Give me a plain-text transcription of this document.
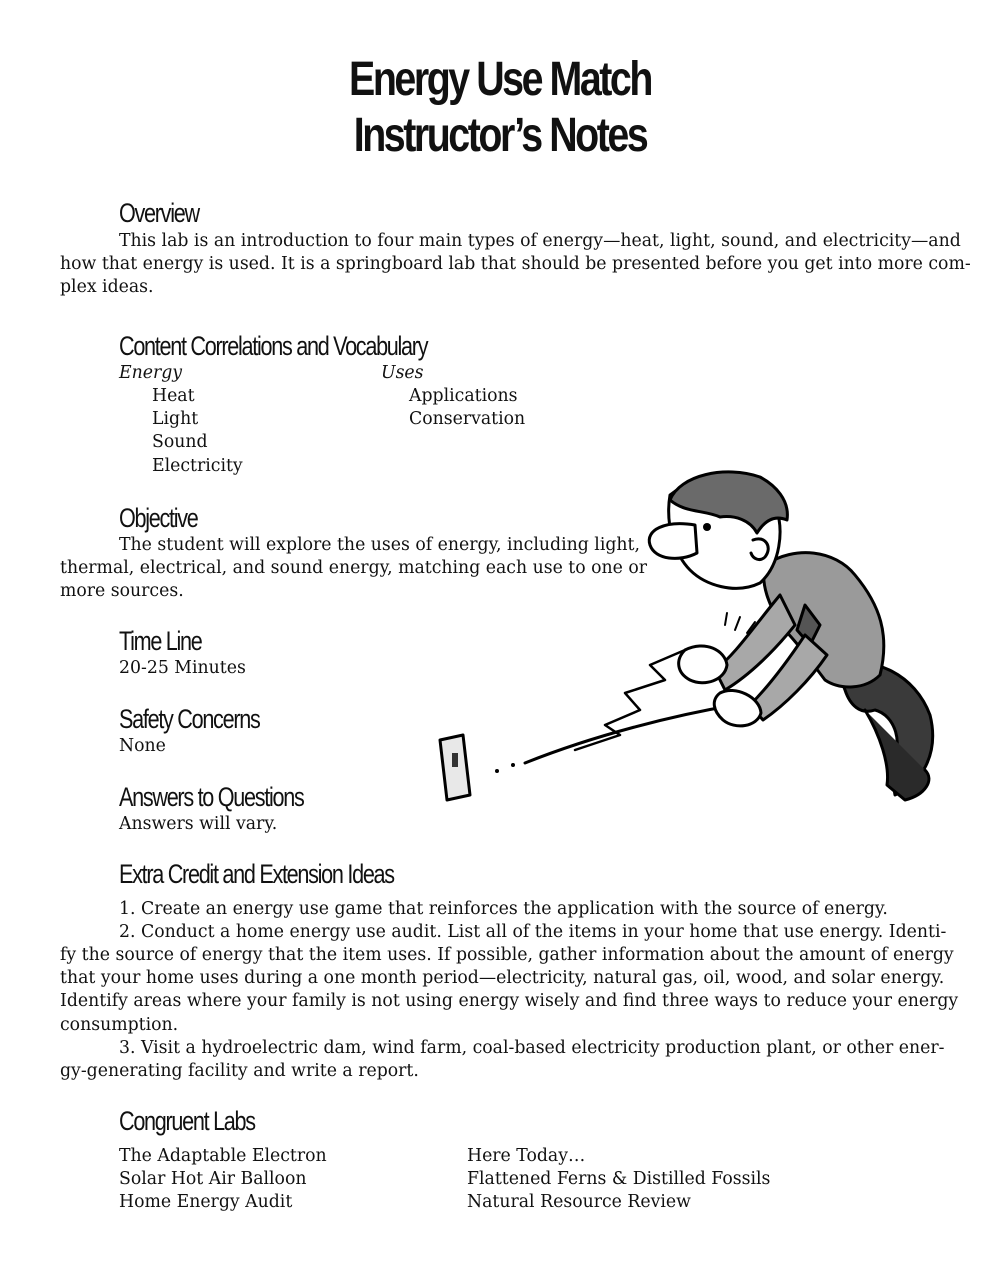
Energy Use Match
Instructor’s Notes
Overview

This lab is an introduction to four main types of energy—heat, light, sound, and electricity—and

how that energy is used. It is a springboard lab that should be presented before you get into more com-

plex ideas.

Content Correlations and Vocabulary

Energy

Heat

Light

Sound

Electricity

Uses

Applications

Conservation

Objective

The student will explore the uses of energy, including light,

thermal, electrical, and sound energy, matching each use to one or

more sources.

Time Line

20-25 Minutes

Safety Concerns

None

Answers to Questions

Answers will vary.

Extra Credit and Extension Ideas

1. Create an energy use game that reinforces the application with the source of energy.

2. Conduct a home energy use audit. List all of the items in your home that use energy. Identi-

fy the source of energy that the item uses. If possible, gather information about the amount of energy

that your home uses during a one month period—electricity, natural gas, oil, wood, and solar energy.

Identify areas where your family is not using energy wisely and find three ways to reduce your energy

consumption.

3. Visit a hydroelectric dam, wind farm, coal-based electricity production plant, or other ener-

gy-generating facility and write a report.

Congruent Labs

The Adaptable Electron

Solar Hot Air Balloon

Home Energy Audit

Here Today…

Flattened Ferns & Distilled Fossils

Natural Resource Review
